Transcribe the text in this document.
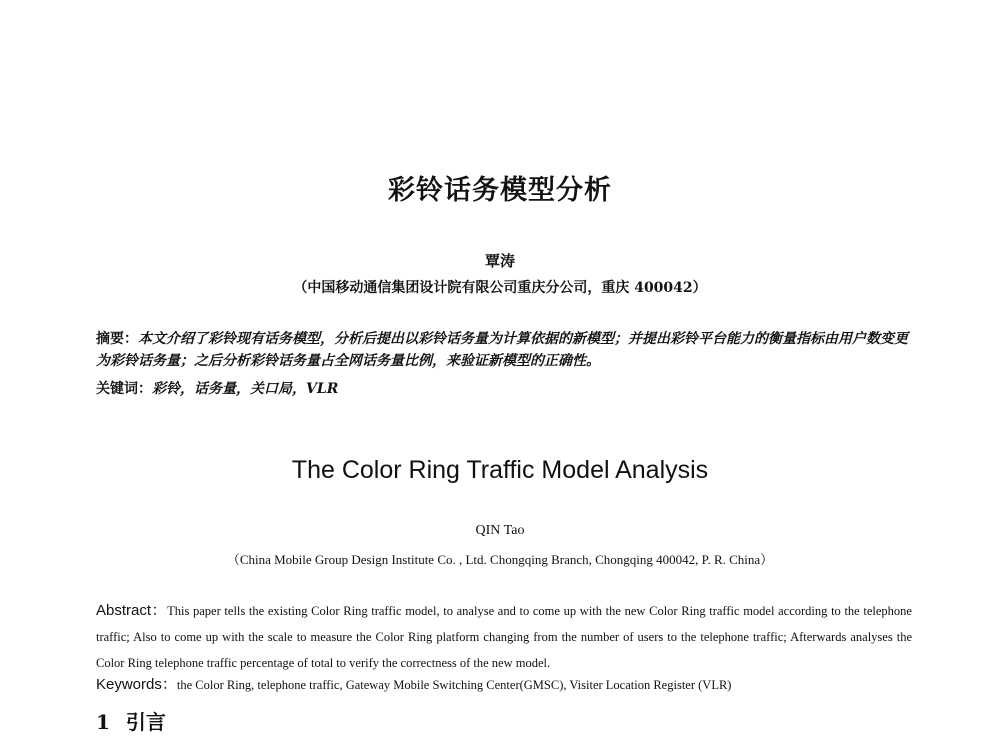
彩铃话务模型分析
覃涛
（中国移动通信集团设计院有限公司重庆分公司，重庆 400042）
摘要：本文介绍了彩铃现有话务模型，分析后提出以彩铃话务量为计算依据的新模型；并提出彩铃平台能力的衡量指标由用户数变更为彩铃话务量；之后分析彩铃话务量占全网话务量比例，来验证新模型的正确性。
关键词：彩铃，话务量，关口局，VLR
The Color Ring Traffic Model Analysis
QIN Tao
（China Mobile Group Design Institute Co. , Ltd. Chongqing Branch, Chongqing 400042, P. R. China）
Abstract：This paper tells the existing Color Ring traffic model, to analyse and to come up with the new Color Ring traffic model according to the telephone traffic; Also to come up with the scale to measure the Color Ring platform changing from the number of users to the telephone traffic; Afterwards analyses the Color Ring telephone traffic percentage of total to verify the correctness of the new model.
Keywords：the Color Ring, telephone traffic, Gateway Mobile Switching Center(GMSC), Visiter Location Register (VLR)
1 引言
